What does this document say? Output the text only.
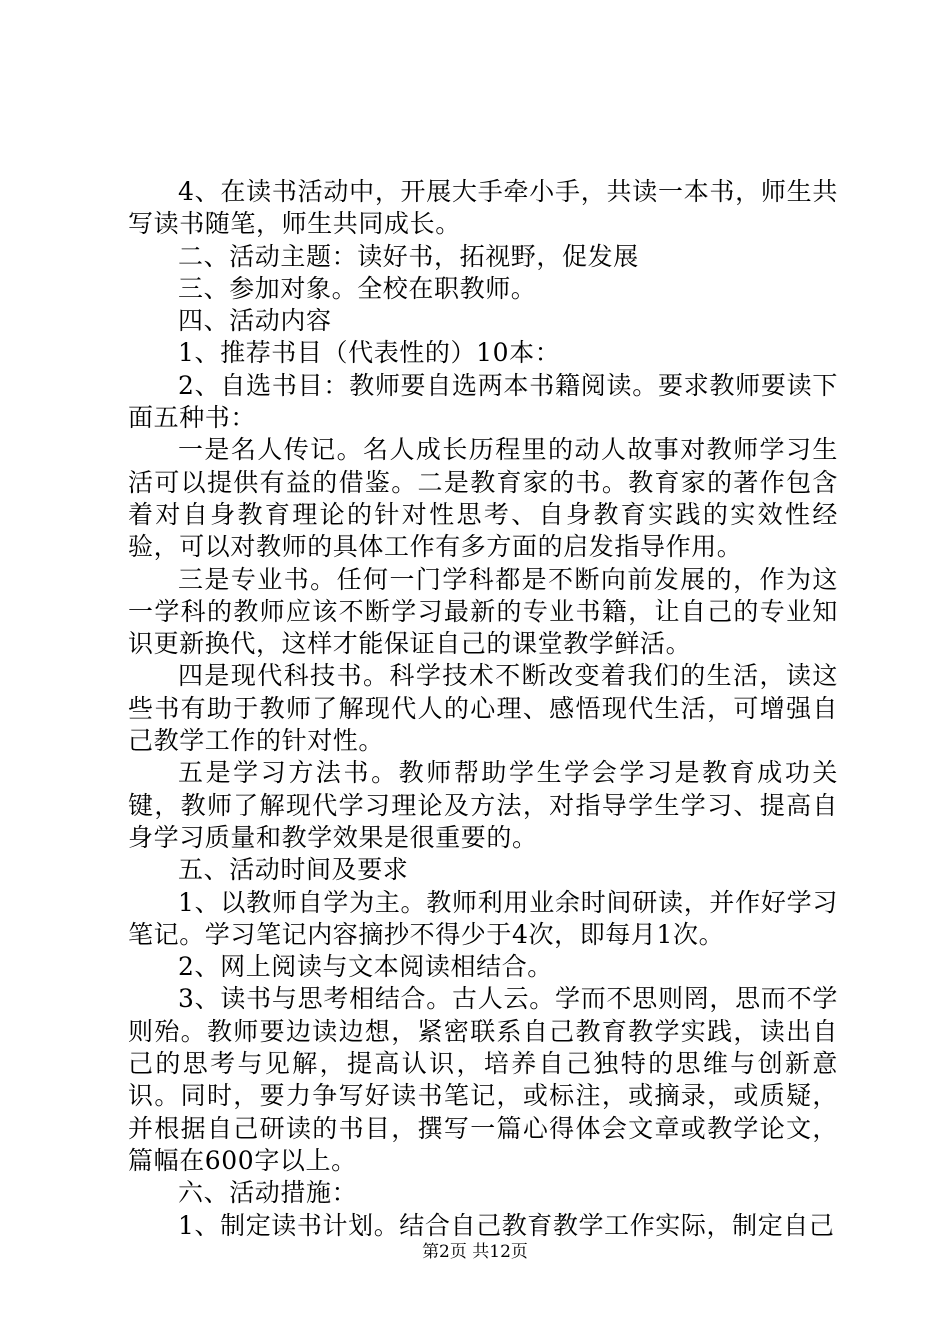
4、在读书活动中，开展大手牵小手，共读一本书，师生共写读书随笔，师生共同成长。

二、活动主题：读好书，拓视野，促发展

三、参加对象。全校在职教师。

四、活动内容

1、推荐书目（代表性的）10本：

2、自选书目：教师要自选两本书籍阅读。要求教师要读下面五种书：

一是名人传记。名人成长历程里的动人故事对教师学习生活可以提供有益的借鉴。二是教育家的书。教育家的著作包含着对自身教育理论的针对性思考、自身教育实践的实效性经验，可以对教师的具体工作有多方面的启发指导作用。

三是专业书。任何一门学科都是不断向前发展的，作为这一学科的教师应该不断学习最新的专业书籍，让自己的专业知识更新换代，这样才能保证自己的课堂教学鲜活。

四是现代科技书。科学技术不断改变着我们的生活，读这些书有助于教师了解现代人的心理、感悟现代生活，可增强自己教学工作的针对性。

五是学习方法书。教师帮助学生学会学习是教育成功关键，教师了解现代学习理论及方法，对指导学生学习、提高自身学习质量和教学效果是很重要的。

五、活动时间及要求

1、以教师自学为主。教师利用业余时间研读，并作好学习笔记。学习笔记内容摘抄不得少于4次，即每月1次。

2、网上阅读与文本阅读相结合。

3、读书与思考相结合。古人云。学而不思则罔，思而不学则殆。教师要边读边想，紧密联系自己教育教学实践，读出自己的思考与见解，提高认识，培养自己独特的思维与创新意识。同时，要力争写好读书笔记，或标注，或摘录，或质疑，并根据自己研读的书目，撰写一篇心得体会文章或教学论文，篇幅在600字以上。

六、活动措施：

1、制定读书计划。结合自己教育教学工作实际，制定自己

第2页 共12页
